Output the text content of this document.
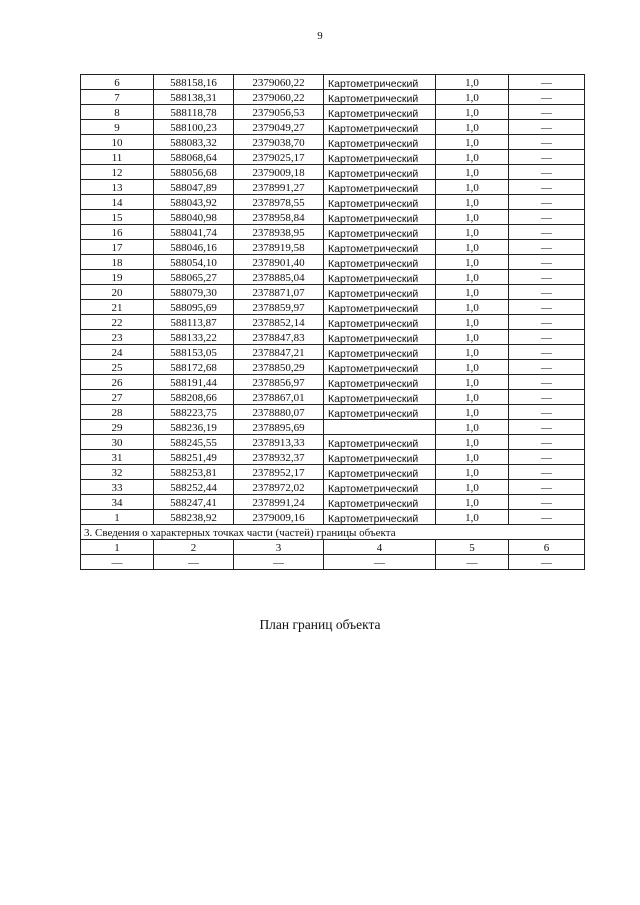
9
6	588158,16	2379060,22	Картометрический	1,0	—
7	588138,31	2379060,22	Картометрический	1,0	—
8	588118,78	2379056,53	Картометрический	1,0	—
9	588100,23	2379049,27	Картометрический	1,0	—
10	588083,32	2379038,70	Картометрический	1,0	—
11	588068,64	2379025,17	Картометрический	1,0	—
12	588056,68	2379009,18	Картометрический	1,0	—
13	588047,89	2378991,27	Картометрический	1,0	—
14	588043,92	2378978,55	Картометрический	1,0	—
15	588040,98	2378958,84	Картометрический	1,0	—
16	588041,74	2378938,95	Картометрический	1,0	—
17	588046,16	2378919,58	Картометрический	1,0	—
18	588054,10	2378901,40	Картометрический	1,0	—
19	588065,27	2378885,04	Картометрический	1,0	—
20	588079,30	2378871,07	Картометрический	1,0	—
21	588095,69	2378859,97	Картометрический	1,0	—
22	588113,87	2378852,14	Картометрический	1,0	—
23	588133,22	2378847,83	Картометрический	1,0	—
24	588153,05	2378847,21	Картометрический	1,0	—
25	588172,68	2378850,29	Картометрический	1,0	—
26	588191,44	2378856,97	Картометрический	1,0	—
27	588208,66	2378867,01	Картометрический	1,0	—
28	588223,75	2378880,07	Картометрический	1,0	—
29	588236,19	2378895,69		1,0	—
30	588245,55	2378913,33	Картометрический	1,0	—
31	588251,49	2378932,37	Картометрический	1,0	—
32	588253,81	2378952,17	Картометрический	1,0	—
33	588252,44	2378972,02	Картометрический	1,0	—
34	588247,41	2378991,24	Картометрический	1,0	—
1	588238,92	2379009,16	Картометрический	1,0	—
3. Сведения о характерных точках части (частей) границы объекта					
1	2	3	4	5	6
—	—	—	—	—	—
План границ объекта
